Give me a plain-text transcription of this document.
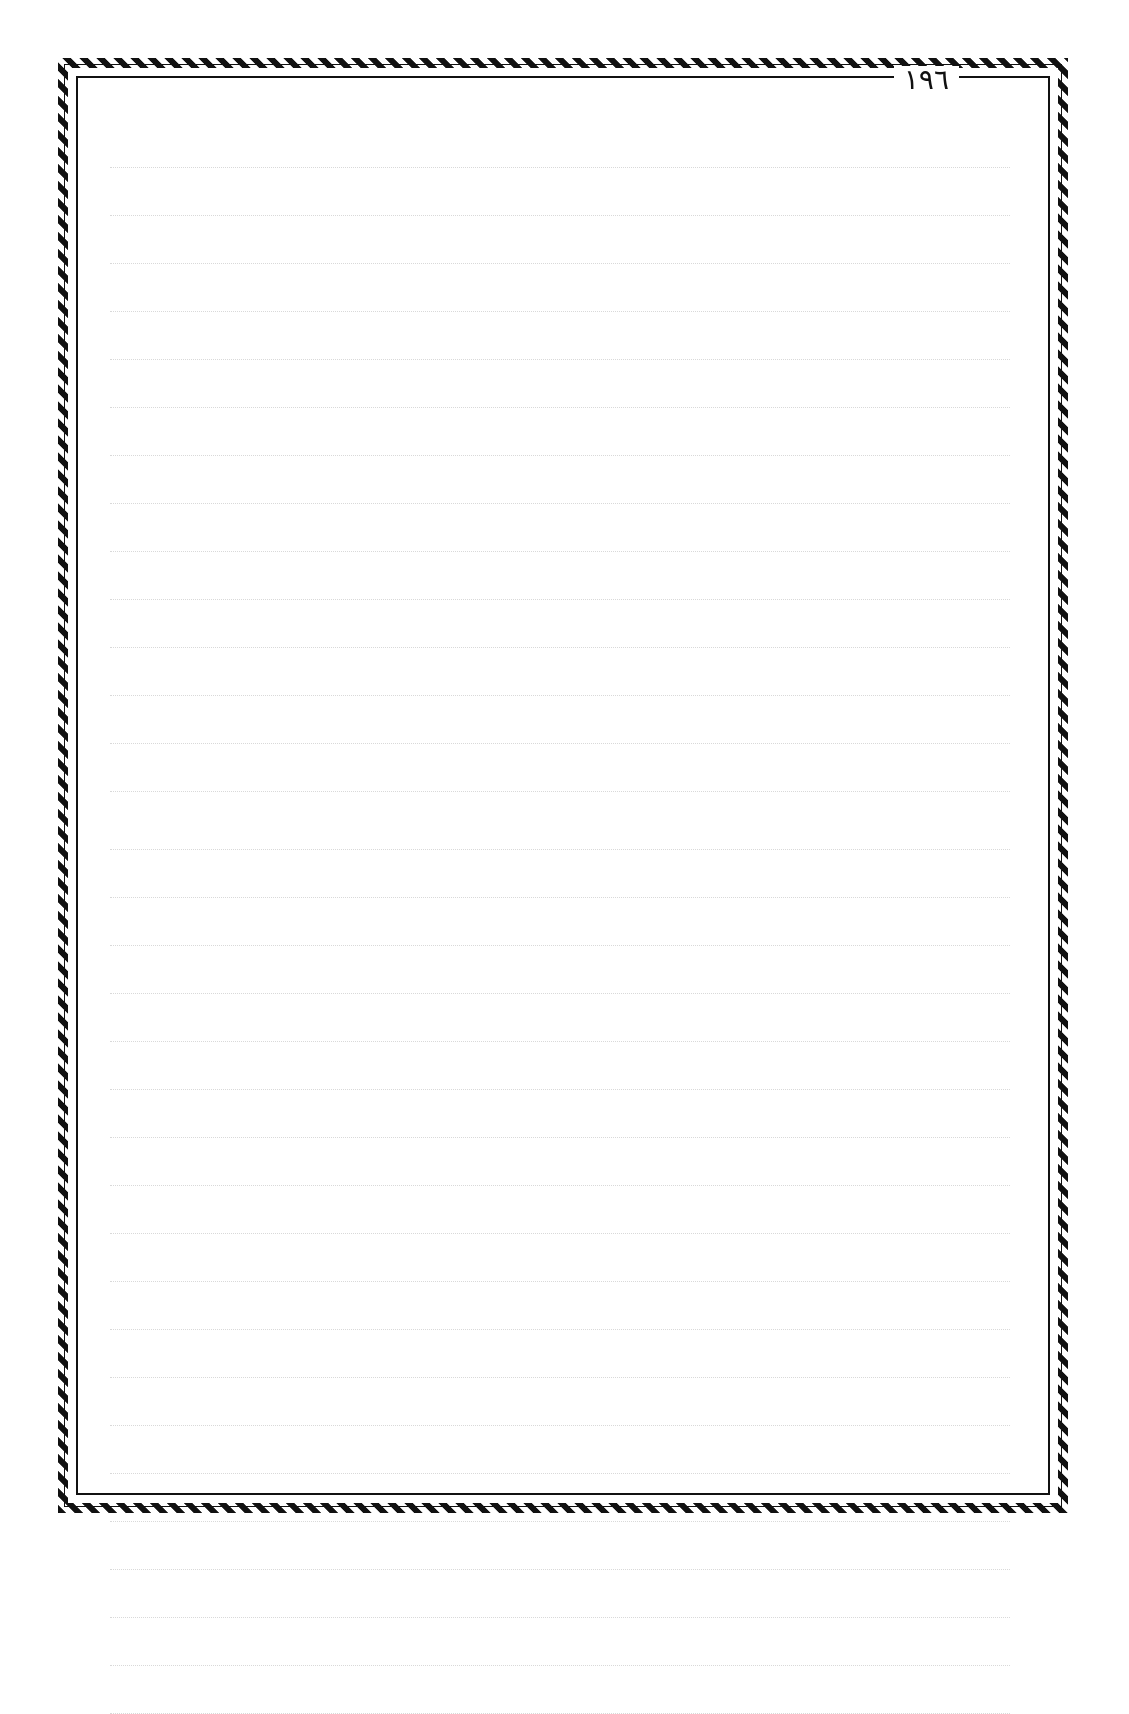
١٩٦
